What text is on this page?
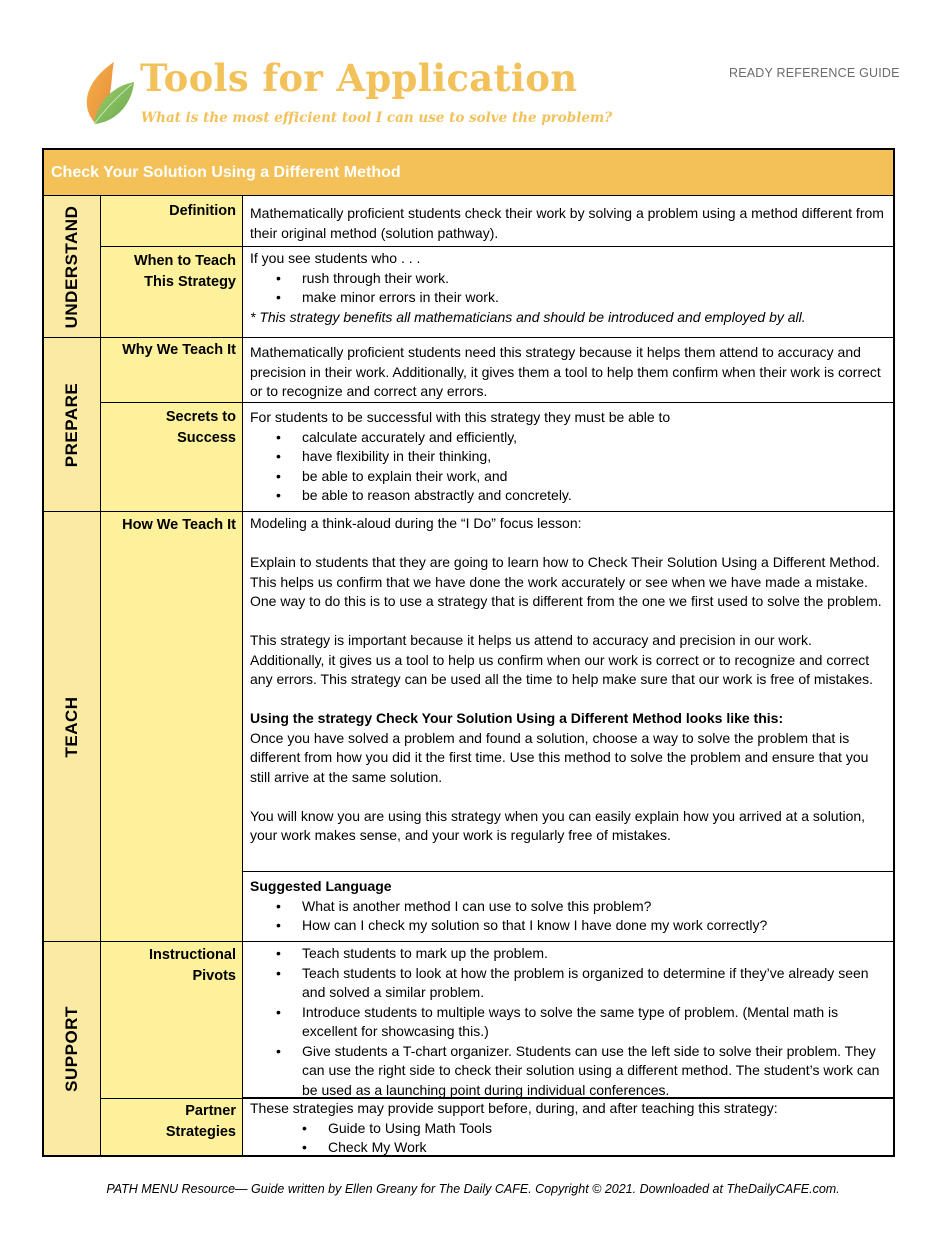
Tools for Application
What is the most efficient tool I can use to solve the problem?
READY REFERENCE GUIDE
Check Your Solution Using a Different Method
UNDERSTAND
PREPARE
TEACH
SUPPORT
Definition Mathematically proficient students check their work by solving a problem using a method different from their original method (solution pathway).

When to Teach
This Strategy

If you see students who . . .

• rush through their work.
• make minor errors in their work.

* This strategy benefits all mathematicians and should be introduced and employed by all.

Why We Teach It Mathematically proficient students need this strategy because it helps them attend to accuracy and precision in their work. Additionally, it gives them a tool to help them confirm when their work is correct or to recognize and correct any errors.

Secrets to
Success

For students to be successful with this strategy they must be able to

• calculate accurately and efficiently,
• have flexibility in their thinking,
• be able to explain their work, and
• be able to reason abstractly and concretely.
How We Teach It Modeling a think-aloud during the “I Do” focus lesson:

Explain to students that they are going to learn how to Check Their Solution Using a Different Method. This helps us confirm that we have done the work accurately or see when we have made a mistake. One way to do this is to use a strategy that is different from the one we first used to solve the problem.

This strategy is important because it helps us attend to accuracy and precision in our work. Additionally, it gives us a tool to help us confirm when our work is correct or to recognize and correct any errors. This strategy can be used all the time to help make sure that our work is free of mistakes.

Using the strategy Check Your Solution Using a Different Method looks like this:

Once you have solved a problem and found a solution, choose a way to solve the problem that is different from how you did it the first time. Use this method to solve the problem and ensure that you still arrive at the same solution.

You will know you are using this strategy when you can easily explain how you arrived at a solution, your work makes sense, and your work is regularly free of mistakes.

Suggested Language

• What is another method I can use to solve this problem?
• How can I check my solution so that I know I have done my work correctly?
Instructional
Pivots
• Teach students to mark up the problem.
• Teach students to look at how the problem is organized to determine if they’ve already seen and solved a similar problem.
• Introduce students to multiple ways to solve the same type of problem. (Mental math is excellent for showcasing this.)
• Give students a T-chart organizer. Students can use the left side to solve their problem. They can use the right side to check their solution using a different method. The student’s work can be used as a launching point during individual conferences.
Partner
Strategies

These strategies may provide support before, during, and after teaching this strategy:

• Guide to Using Math Tools
• Check My Work
PATH MENU Resource— Guide written by Ellen Greany for The Daily CAFE. Copyright © 2021. Downloaded at TheDailyCAFE.com.
